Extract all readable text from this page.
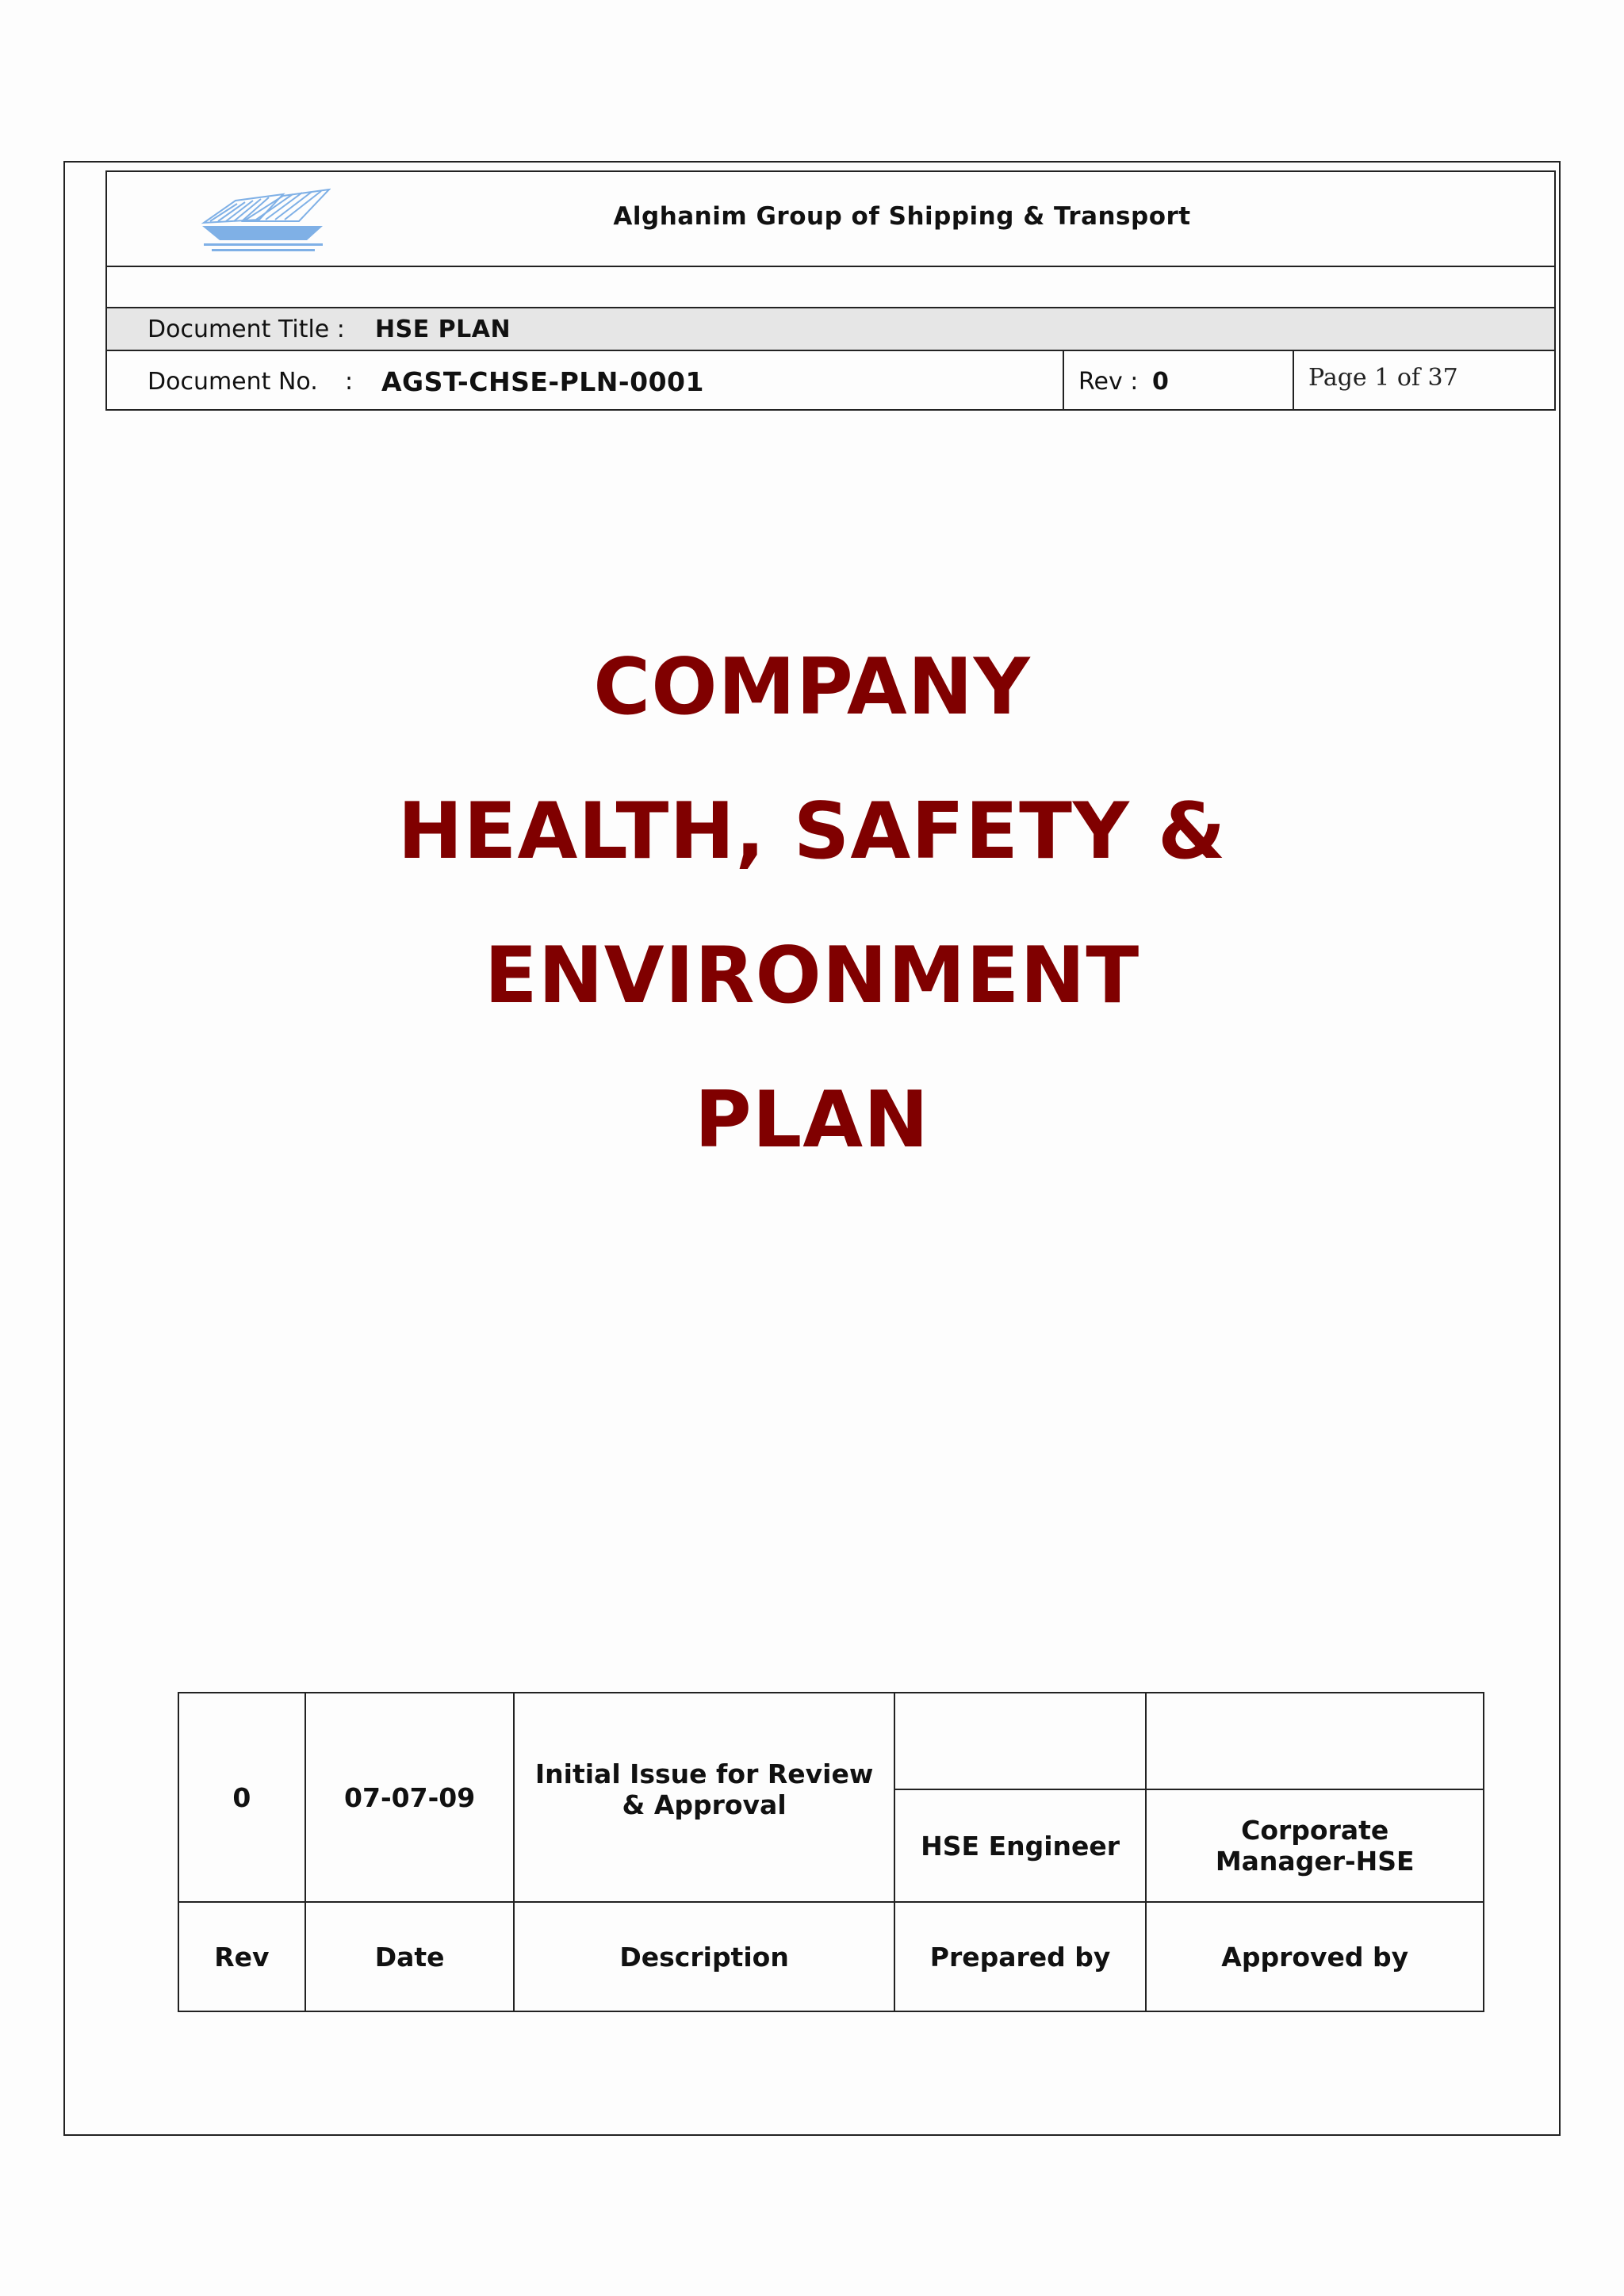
Alghanim Group of Shipping & Transport
Document Title : HSE PLAN
Document No. : AGST-CHSE-PLN-0001	Rev : 0	Page 1 of 37
COMPANY
HEALTH, SAFETY &
ENVIRONMENT
PLAN
0	07-07-09	Initial Issue for Review & Approval		
			HSE Engineer	Corporate Manager-HSE
Rev	Date	Description	Prepared by	Approved by
